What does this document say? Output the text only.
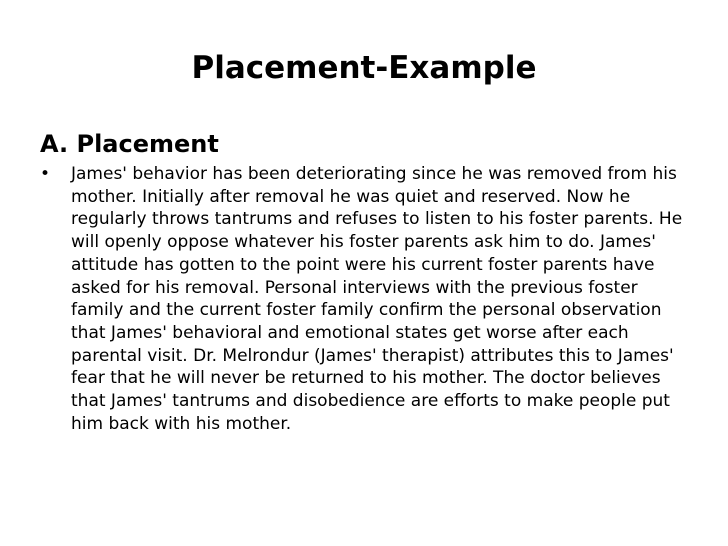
Placement-Example
A. Placement
•	James' behavior has been deteriorating since he was removed from his mother. Initially after removal he was quiet and reserved. Now he regularly throws tantrums and refuses to listen to his foster parents. He will openly oppose whatever his foster parents ask him to do. James' attitude has gotten to the point were his current foster parents have asked for his removal. Personal interviews with the previous foster family and the current foster family confirm the personal observation that James' behavioral and emotional states get worse after each parental visit. Dr. Melrondur (James' therapist) attributes this to James' fear that he will never be returned to his mother. The doctor believes that James' tantrums and disobedience are efforts to make people put him back with his mother.
